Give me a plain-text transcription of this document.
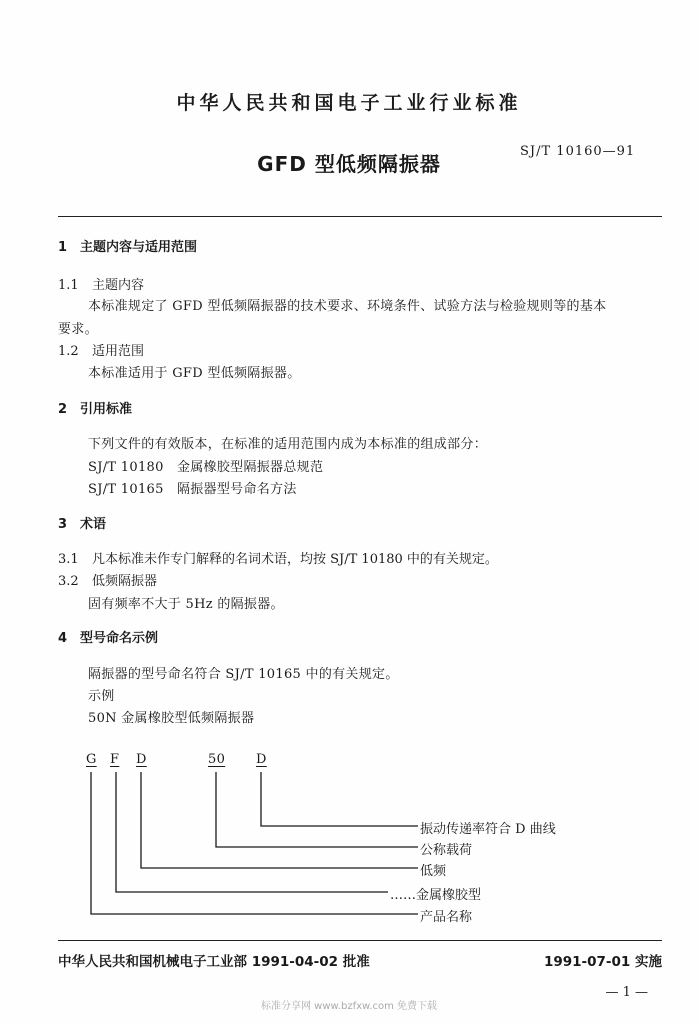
中华人民共和国电子工业行业标准
GFD 型低频隔振器
SJ/T 10160—91
1 主题内容与适用范围
1.1 主题内容
本标准规定了 GFD 型低频隔振器的技术要求、环境条件、试验方法与检验规则等的基本
要求。
1.2 适用范围
本标准适用于 GFD 型低频隔振器。
2 引用标准
下列文件的有效版本，在标准的适用范围内成为本标准的组成部分：
SJ/T 10180　金属橡胶型隔振器总规范
SJ/T 10165　隔振器型号命名方法
3 术语
3.1 凡本标准未作专门解释的名词术语，均按 SJ/T 10180 中的有关规定。
3.2 低频隔振器
固有频率不大于 5Hz 的隔振器。
4 型号命名示例
隔振器的型号命名符合 SJ/T 10165 中的有关规定。
示例
50N 金属橡胶型低频隔振器
G F D	50 D
振动传递率符合 D 曲线
公称载荷
低频
……金属橡胶型
产品名称
中华人民共和国机械电子工业部 1991-04-02 批准	1991-07-01 实施
— 1 —
标准分享网 www.bzfxw.com 免费下载
